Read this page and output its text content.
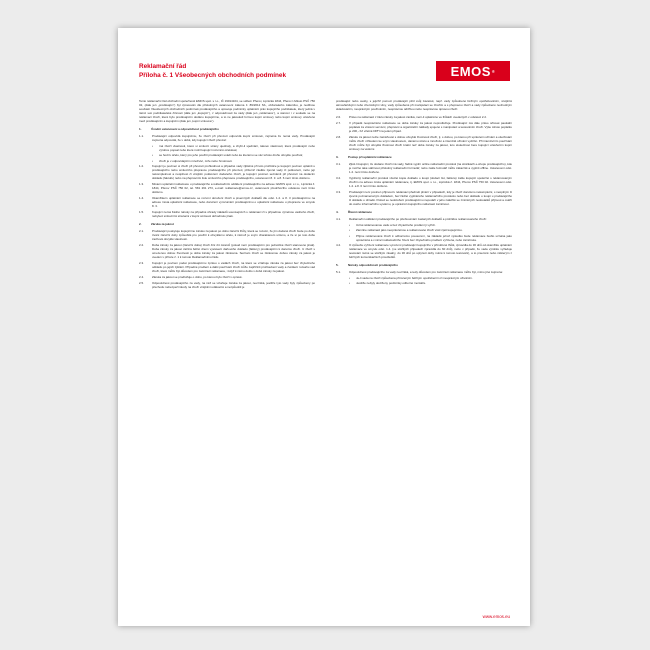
Reklamační řád
Příloha č. 1 Všeobecných obchodních podmínek	EMOS ®

Tento reklamační řád obchodní společnosti EMOS spol. s r.o., IČ 19014104, se sídlem Přerov, Lipnická 1844, Přerov I-Město PSČ 750 02, (dále jen „prodávající“) byl zpracován dle příslušných ustanovení zákona č. 89/2012 Sb., občanského zákoníku, je nedílnou součástí Všeobecných obchodních podmínek prodávajícího a upravuje podmínky uplatnění práv kupujícího podnikatele, který jedná v rámci své podnikatelské činnosti (dále jen „kupující“), z odpovědnosti za vady (dále jen „reklamace“), a stanoví i v souladu se na reklamaci zboží, které bylo prodávajícím dodáno kupujícímu, a to ne jakoukoli formou kupní smlouvy nebo kupní smlouvy uzavřené mezi prodávajícím a kupujícím (dále jen „kupní smlouva“).

1.	Úvodní ustanovení a odpovědnost prodávajícího
1.1.	Prodávající odpovídá kupujícímu, že zboží při převzetí odpovídá kupní smlouvě, zejména že nemá vady. Prodávající zejména odpovídá, že v době, kdy kupující zboží převzal:
•	má zboží vlastnosti, které si smluvní strany ujednaly, a chybí-li ujednání, takové vlastnosti, které prodávající nebo výrobce popsal nebo které mohl kupující rozumně očekávat;
•	se hodí k účelu, který pro jeho použití prodávající uvádí nebo ke kterému se věc tohoto druhu obvykle používá;
•	zboží je v odpovídajícím množství, míře nebo hmotnosti.
1.2.	Kupující je povinen si zboží při převzetí prohlédnout a případné vady zjištěné při této prohlídce je kupující povinen uplatnit u prodávajícího nebo smluvního přepravce prodávajícího při převzetí, přičemž zásilku zjevně vady či poškození, nebo její nekompletnost a neúplnost či vnějším poškození dodaného zboží, je kupující povinen seznámit při převzetí na dodacím dokladu (faktuře) nebo na přepravním listu smluvního přepravce prodávajícího, ustanovení 8. 3. a 8. 6 není tímto dotčeno.
1.3.	Místem uplatnění reklamace u prodávajícího a reklamačním oddělení prodávajícího na adrese: EMOS spol. s r.o., Lipnická č. 1844, Přerov PSČ 750 02, tel. 581 261 273, e-mail: reklamace@emos.cz, ustanovení předchozího odstavce není tímto dotčeno.
1.4.	Okamžikem uplatnění reklamace se rozumí doručení zboží a písemných dokladů dle odst. 1.2. a 8. 3 prodávajícímu na adresu místa uplatnění reklamace, nebo doručení vyrozumění prodávajícímu o uplatnění reklamace u přepravce ve smyslu 8. 3.
1.5.	Kupující nemá žádné nároky na případné úhrady nákladů souvisejících s reklamací či s případnou výměnou vadného zboží, nebyla-li smluvními stranami v kupní smlouvě dohodnuto jinak.
2.	Záruka za jakost
2.1.	Prodávající poskytuje kupujícímu záruku za jakost po dobu záruční lhůty, která se rozumí, že jím dodané zboží bude po dobu trvání záruční doby způsobilé pro použití k obvyklému účelu, k němuž je svým charakterem určeno, a že si po tuto dobu zachová obvyklé vlastnosti.
2.2.	Doba záruky za jakost (záruční doba) zboží činí 24 měsíců (pokud není prodávajícím pro jednotlivé zboží stanoveno jinak). Doba záruky za jakost začíná běžet dnem vystavení daňového dokladu (faktury) prodávajícím k danému zboží. U zboží s omezenou dobou životnosti je doba záruky za jakost zkrácena. Seznam zboží se zkrácenou dobou záruky za jakost je uveden v příloze č. 1 k tomuto Reklamačnímu řádu.
2.3.	Kupující je povinen podat prodávajícímu zprávu o vadách zboží, na které se vztahuje záruka za jakost bez zbytečného odkladu po jejich zjištění. Případné prodlení a další používání zboží může zapříčinit prohloubení vady a zvětšení rozsahu vad zboží, které může být důvodem pro zamítnutí reklamace, i když k němu došlo v době záruky za jakost.
2.4.	Záruka za jakost se prodlužuje o dobu, po kterou bylo zboží v opravě.
2.5.	Odpovědnost prodávajícího za vady, na něž se vztahuje záruka za jakost, nevzniká, jestliže tyto vady byly způsobeny po přechodu nebezpečí škody na zboží vnějšími událostmi a nezpůsobil je

prodávající nebo osoby, s jejichž pomocí prodávající plnil svůj závazek, např. vady způsobené běžným opotřebováním, vnějšími atmosférickými nebo chemickými vlivy, vady způsobené při manipulaci se zbožím a s přepravou zboží a vady způsobené nevhodným skladováním, nesprávným používáním, nesprávnou údržbou nebo nesprávnou úpravou zboží.

2.6.	Právo na reklamaci z titulu záruky za jakost zaniká, není-li uplatněno ve lhůtách uvedených v odstavci 2.2.
2.7.	V případě neoprávněné reklamace se doba záruky za jakost neprodlužuje. Prodávající má dále právo účtovat paušální poplatek za vrácení servisní, přepravní a organizační náklady spojené s manipulací a testováním zboží. Výše tohoto poplatku je 200,- Kč včetně DPH na jeden případ.
2.8.	Záruku za jakost nelze zaměňovat s dobou obvyklé životnosti zboží, tj. s dobou, po kterou při správném užívání a ošetřování může zboží vzhledem ke svým vlastnostem, danému účelu a množství a intenzitě užívání vydržet. Při intenzivním používání zboží může být obvyklá životnost zboží kratší než doba záruky za jakost, tuto skutečnost bere kupující uzavřením kupní smlouvy na vědomí.
3.	Postup při uplatnění reklamace
3.1.	Zjistí-li kupující, že dodané zboží má vady, řádně vyplní online reklamační protokol (na stránkách e-shopu prodávajícího), kde je možné také stáhnout příslušný reklamační formulář, nebo zašle formulář může zákazník a vyplnit offline. Ustanovení odst. 1.2. není tímto dotčeno.
3.2.	Vyplněný reklamační protokol včetně kopie dokladu o koupi (dodací list, faktura) zašle kupující společně s reklamovaným zbožím na adresu místa uplatnění reklamace, tj. EMOS spol. s r.o., Lipnická č. 1844, Přerov PSČ 750 02. Ustanovení odst. 1.2. a 8. 6 není tímto dotčeno.
3.3.	Prodávající není povinen přijmout k reklamaci předmět plnění v případech, kdy je zboží doručeno nekompletní, s neúplným či zjevně poznamenaným dokladem, bez řádně vyplněného reklamačního protokolu nebo bez dokladu o koupi u prodávajícího či dokladu o úhradě. Pokud se nedoložení prodávajícímu nepodaří v jeho náležitě se zmíněných nedostatků přijmout a ověřit do svého informačního systému, je oprávněn kupujícího reklamaci zamítnout.
4.	Řízení reklamace
4.1.	Reklamační oddělení prodávajícího po přezkoumání zaslaných dokladů a prohlídce reklamovaného zboží:
•	Uzná reklamovanou vadu a bez zbytečného prodlení ji vyřídí.
•	Zamítne reklamaci jako neoprávněnou a reklamované zboží vrátí zpět kupujícímu.
•	Přijme reklamované zboží k odbornému posouzení, na základě jehož výsledku bude reklamace buďto uznána jako oprávněná a v rámci reklamačního řízení bez zbytečného prodlení vyřízena, nebo zamítnuta.
4.2.	O způsobu vyřízení reklamace vyrozumí prodávající kupujícího v přiměřené lhůtě, zpravidla do 30 dnů od okamžiku uplatnění reklamace ve smyslu odst. 1.4. (ve složitých případech zpravidla do 60 dnů), nebo v případě, že vada výrobku vyžaduje testování nutné se složitým zásahy, do 30 dnů po uplynutí doby nutné k tomuto testování), a to písemně nebo některým z běžných komunikačních prostředků.
5.	Nároky odpovědnosti prodávajícího
5.1.	Odpovědnost prodávajícího za vady nevzniká, a tedy důvodem pro zamítnutí reklamace může být, mimo jiné zejména:
•	Je-li vada na zboží způsobena přirozeným běžným opotřebením či nesprávným užíváním.
•	Jestliže nebyly dodrženy podmínky odborné montáže.
www.emos.eu
